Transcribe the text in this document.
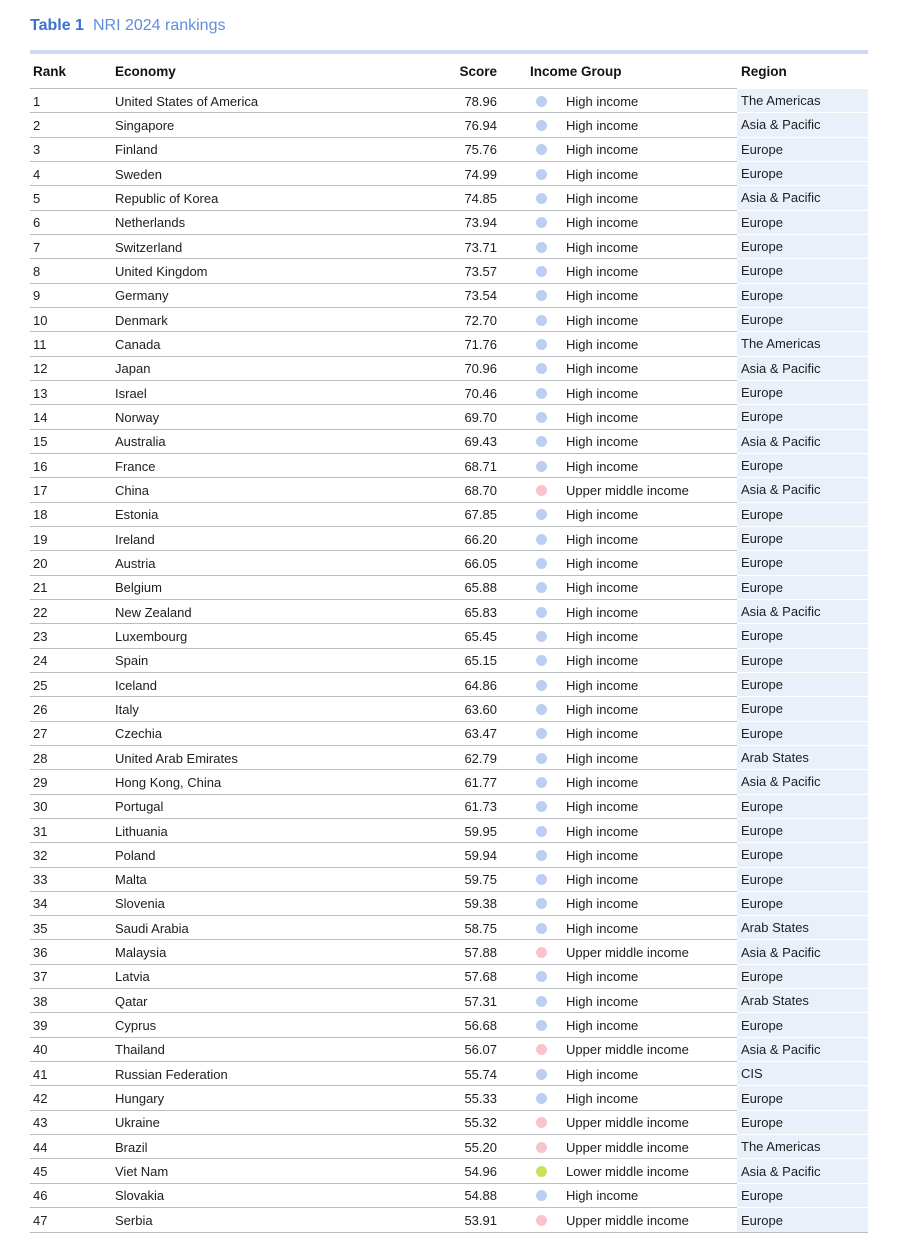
Table 1 NRI 2024 rankings
Rank	Economy	Score Income Group	Region
1	United States of America	78.96	High income	The Americas
2	Singapore	76.94	High income	Asia & Pacific
3	Finland	75.76	High income	Europe
4	Sweden	74.99	High income	Europe
5	Republic of Korea	74.85	High income	Asia & Pacific
6	Netherlands	73.94	High income	Europe
7	Switzerland	73.71	High income	Europe
8	United Kingdom	73.57	High income	Europe
9	Germany	73.54	High income	Europe
10	Denmark	72.70	High income	Europe
11	Canada	71.76	High income	The Americas
12	Japan	70.96	High income	Asia & Pacific
13	Israel	70.46	High income	Europe
14	Norway	69.70	High income	Europe
15	Australia	69.43	High income	Asia & Pacific
16	France	68.71	High income	Europe
17	China	68.70	Upper middle income	Asia & Pacific
18	Estonia	67.85	High income	Europe
19	Ireland	66.20	High income	Europe
20	Austria	66.05	High income	Europe
21	Belgium	65.88	High income	Europe
22	New Zealand	65.83	High income	Asia & Pacific
23	Luxembourg	65.45	High income	Europe
24	Spain	65.15	High income	Europe
25	Iceland	64.86	High income	Europe
26	Italy	63.60	High income	Europe
27	Czechia	63.47	High income	Europe
28	United Arab Emirates	62.79	High income	Arab States
29	Hong Kong, China	61.77	High income	Asia & Pacific
30	Portugal	61.73	High income	Europe
31	Lithuania	59.95	High income	Europe
32	Poland	59.94	High income	Europe
33	Malta	59.75	High income	Europe
34	Slovenia	59.38	High income	Europe
35	Saudi Arabia	58.75	High income	Arab States
36	Malaysia	57.88	Upper middle income	Asia & Pacific
37	Latvia	57.68	High income	Europe
38	Qatar	57.31	High income	Arab States
39	Cyprus	56.68	High income	Europe
40	Thailand	56.07	Upper middle income	Asia & Pacific
41	Russian Federation	55.74	High income	CIS
42	Hungary	55.33	High income	Europe
43	Ukraine	55.32	Upper middle income	Europe
44	Brazil	55.20	Upper middle income	The Americas
45	Viet Nam	54.96	Lower middle income	Asia & Pacific
46	Slovakia	54.88	High income	Europe
47	Serbia	53.91	Upper middle income	Europe
